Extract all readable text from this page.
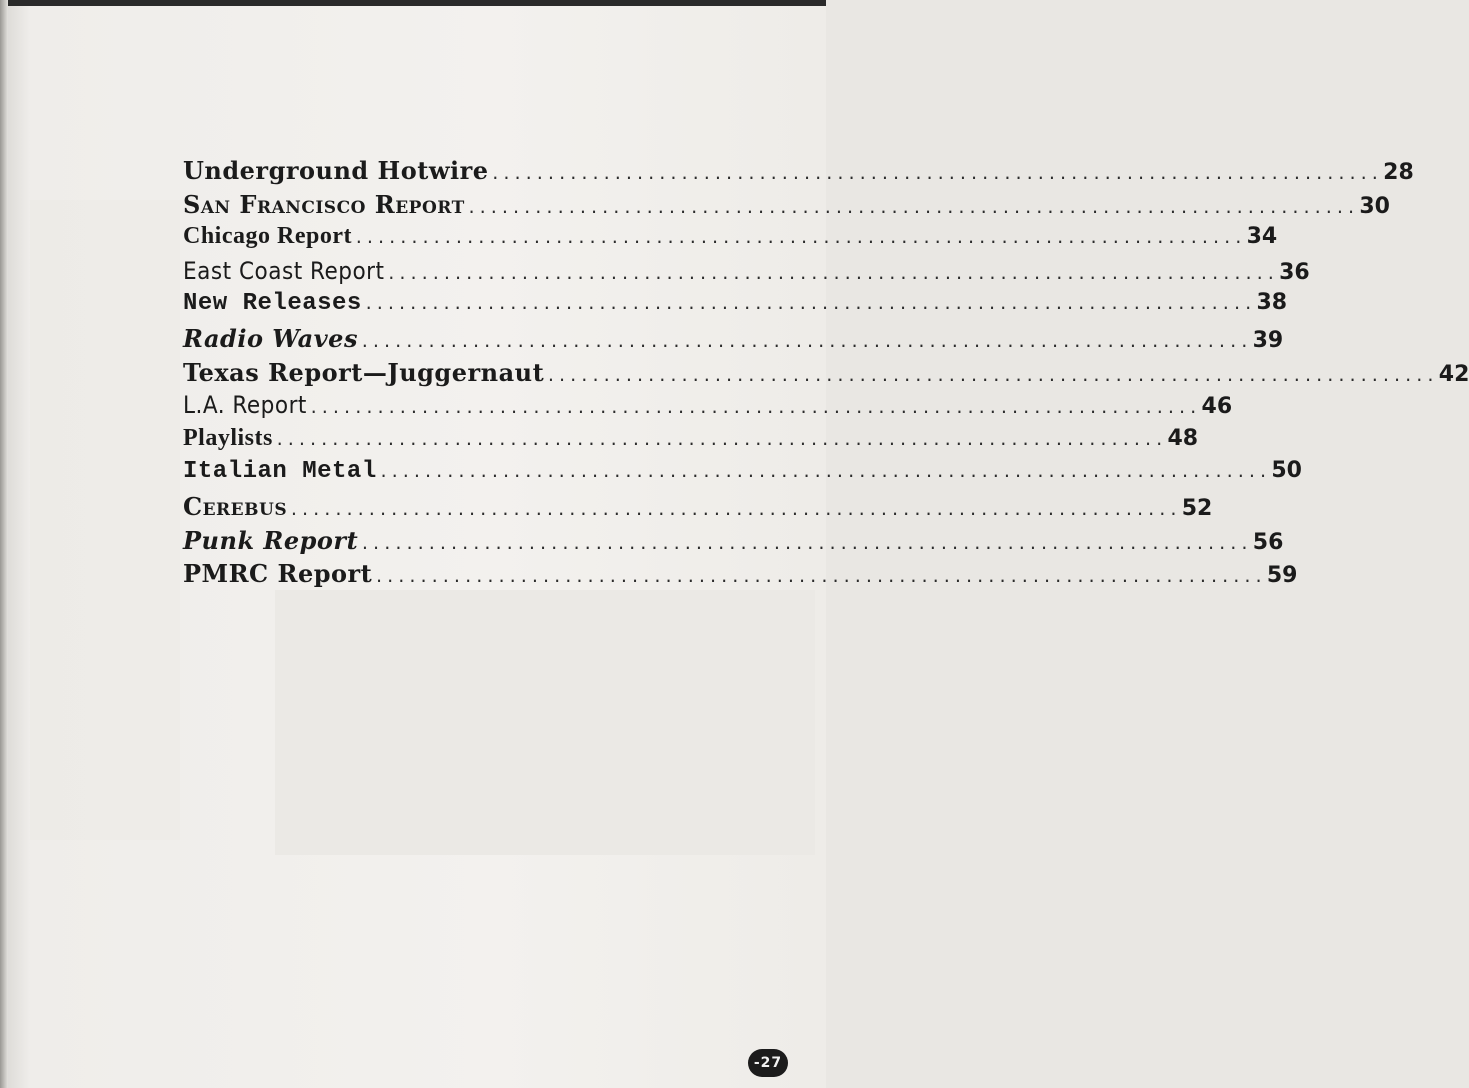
Underground Hotwire ................................................................................ 28
San Francisco Report ................................................................................ 30
Chicago Report ................................................................................ 34
East Coast Report ................................................................................ 36
New Releases ................................................................................ 38
Radio Waves ................................................................................ 39
Texas Report—Juggernaut ................................................................................ 42
L.A. Report ................................................................................ 46
Playlists ................................................................................ 48
Italian Metal ................................................................................ 50
Cerebus ................................................................................ 52
Punk Report ................................................................................ 56
PMRC Report ................................................................................ 59
-27
